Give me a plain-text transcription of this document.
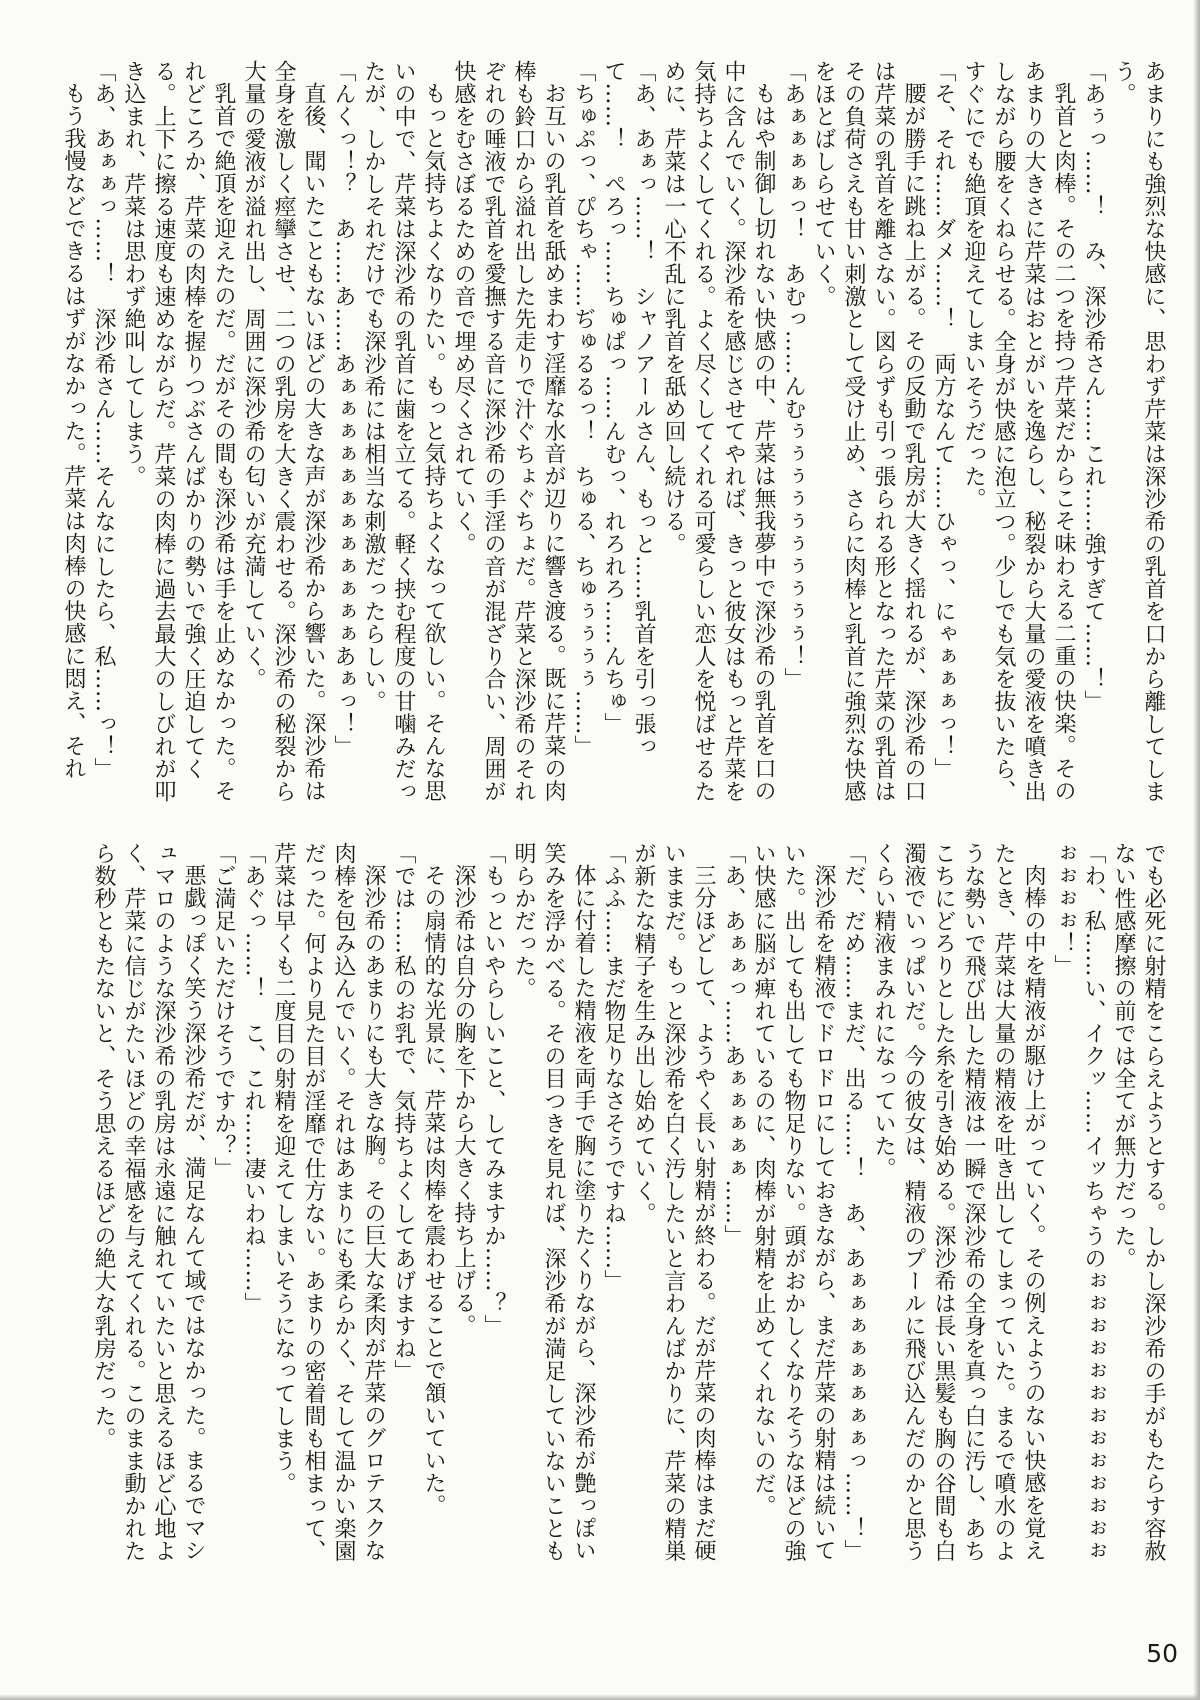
あまりにも強烈な快感に、思わず芹菜は深沙希の乳首を口から離してしまう。

「あぅっ……！　み、深沙希さん……これ……強すぎて……！」

乳首と肉棒。その二つを持つ芹菜だからこそ味わえる二重の快楽。そのあまりの大きさに芹菜はおとがいを逸らし、秘裂から大量の愛液を噴き出しながら腰をくねらせる。全身が快感に泡立つ。少しでも気を抜いたら、すぐにでも絶頂を迎えてしまいそうだった。

「そ、それ……ダメ……！　両方なんて……ひゃっ、にゃぁぁぁっ！」

腰が勝手に跳ね上がる。その反動で乳房が大きく揺れるが、深沙希の口は芹菜の乳首を離さない。図らずも引っ張られる形となった芹菜の乳首はその負荷さえも甘い刺激として受け止め、さらに肉棒と乳首に強烈な快感をほとばしらせていく。

「あぁぁぁぁっ！　あむっ……んむぅぅぅぅぅぅぅぅぅぅ！」

もはや制御し切れない快感の中、芹菜は無我夢中で深沙希の乳首を口の中に含んでいく。深沙希を感じさせてやれば、きっと彼女はもっと芹菜を気持ちよくしてくれる。よく尽くしてくれる可愛らしい恋人を悦ばせるために、芹菜は一心不乱に乳首を舐め回し続ける。

「あ、あぁっ……！　シャノアールさん、もっと……乳首を引っ張って……！　ぺろっ……ちゅぱっ……んむっ、れろれろ……んちゅ」

「ちゅぷっ、ぴちゃ……ぢゅるるっ！　ちゅる、ちゅぅぅぅぅ……」

お互いの乳首を舐めまわす淫靡な水音が辺りに響き渡る。既に芹菜の肉棒も鈴口から溢れ出した先走りで汁ぐちょぐちょだ。芹菜と深沙希のそれぞれの唾液で乳首を愛撫する音に深沙希の手淫の音が混ざり合い、周囲が快感をむさぼるための音で埋め尽くされていく。

もっと気持ちよくなりたい。もっと気持ちよくなって欲しい。そんな思いの中で、芹菜は深沙希の乳首に歯を立てる。軽く挟む程度の甘噛みだったが、しかしそれだけでも深沙希には相当な刺激だったらしい。

「んくっ！？　あ……あ……あぁぁぁぁぁぁぁぁぁぁぁぁあぁっ！」

直後、聞いたこともないほどの大きな声が深沙希から響いた。深沙希は全身を激しく痙攣させ、二つの乳房を大きく震わせる。深沙希の秘裂から大量の愛液が溢れ出し、周囲に深沙希の匂いが充満していく。

乳首で絶頂を迎えたのだ。だがその間も深沙希は手を止めなかった。それどころか、芹菜の肉棒を握りつぶさんばかりの勢いで強く圧迫してくる。上下に擦る速度も速めながらだ。芹菜の肉棒に過去最大のしびれが叩き込まれ、芹菜は思わず絶叫してしまう。

「あ、あぁぁっ……！　深沙希さん……そんなにしたら、私……っ！」

もう我慢などできるはずがなかった。芹菜は肉棒の快感に悶え、それ

でも必死に射精をこらえようとする。しかし深沙希の手がもたらす容赦ない性感摩擦の前では全てが無力だった。

「わ、私……い、イクッ……イッちゃうのぉぉぉぉぉぉぉぉぉぉぉぉぉぉぉぉぉ！」

肉棒の中を精液が駆け上がっていく。その例えようのない快感を覚えたとき、芹菜は大量の精液を吐き出してしまっていた。まるで噴水のような勢いで飛び出した精液は一瞬で深沙希の全身を真っ白に汚し、あちこちにどろりとした糸を引き始める。深沙希は長い黒髪も胸の谷間も白濁液でいっぱいだ。今の彼女は、精液のプールに飛び込んだのかと思うくらい精液まみれになっていた。

「だ、だめ……まだ、出る……！　あ、あぁぁぁぁぁぁぁぁっ……！」

深沙希を精液でドロドロにしておきながら、まだ芹菜の射精は続いていた。出しても出しても物足りない。頭がおかしくなりそうなほどの強い快感に脳が痺れているのに、肉棒が射精を止めてくれないのだ。

「あ、あぁぁっ……あぁぁぁぁぁ……」

三分ほどして、ようやく長い射精が終わる。だが芹菜の肉棒はまだ硬いままだ。もっと深沙希を白く汚したいと言わんばかりに、芹菜の精巣が新たな精子を生み出し始めていく。

「ふふ……まだ物足りなさそうですね……」

体に付着した精液を両手で胸に塗りたくりながら、深沙希が艶っぽい笑みを浮かべる。その目つきを見れば、深沙希が満足していないことも明らかだった。

「もっといやらしいこと、してみますか……？」

深沙希は自分の胸を下から大きく持ち上げる。

その扇情的な光景に、芹菜は肉棒を震わせることで頷いていた。

「では……私のお乳で、気持ちよくしてあげますね」

深沙希のあまりにも大きな胸。その巨大な柔肉が芹菜のグロテスクな肉棒を包み込んでいく。それはあまりにも柔らかく、そして温かい楽園だった。何より見た目が淫靡で仕方ない。あまりの密着間も相まって、芹菜は早くも二度目の射精を迎えてしまいそうになってしまう。

「あぐっ……！　こ、これ……凄いわね……」

「ご満足いただけそうですか？」

悪戯っぽく笑う深沙希だが、満足なんて域ではなかった。まるでマシュマロのような深沙希の乳房は永遠に触れていたいと思えるほど心地よく、芹菜に信じがたいほどの幸福感を与えてくれる。このまま動かれたら数秒ともたないと、そう思えるほどの絶大な乳房だった。

50
